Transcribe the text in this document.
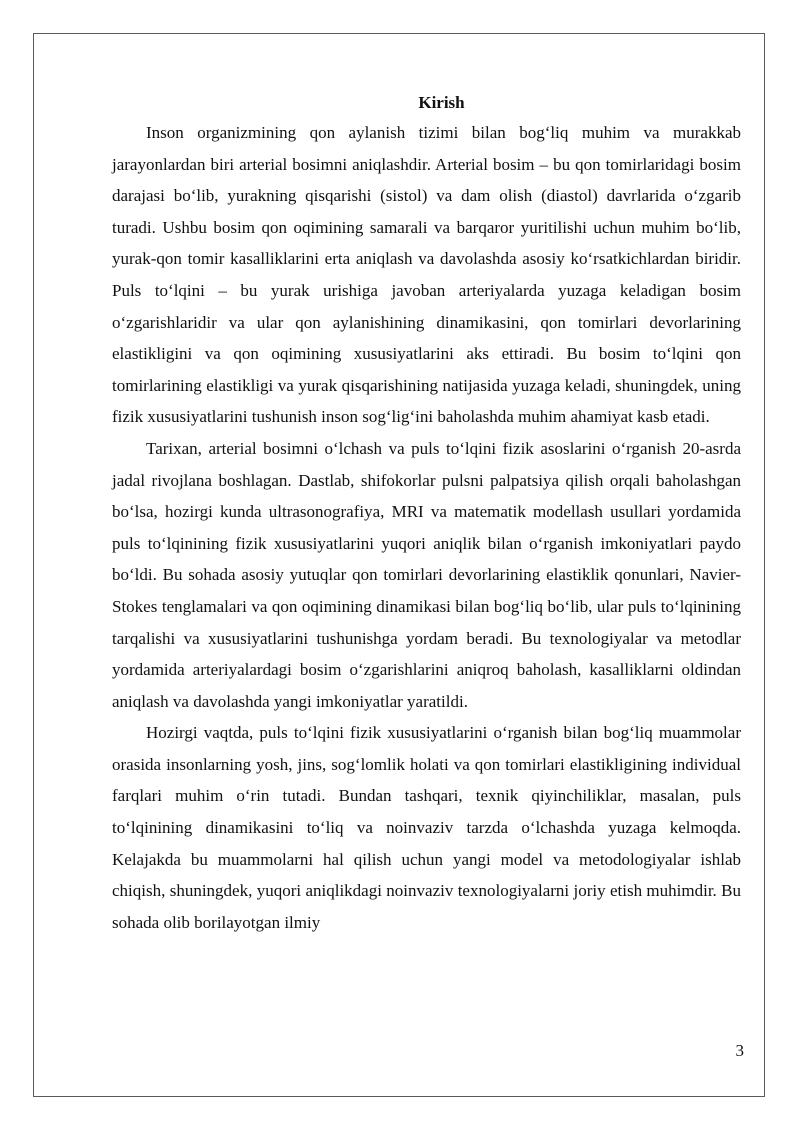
Kirish

Inson organizmining qon aylanish tizimi bilan bog‘liq muhim va murakkab jarayonlardan biri arterial bosimni aniqlashdir. Arterial bosim – bu qon tomirlaridagi bosim darajasi bo‘lib, yurakning qisqarishi (sistol) va dam olish (diastol) davrlarida o‘zgarib turadi. Ushbu bosim qon oqimining samarali va barqaror yuritilishi uchun muhim bo‘lib, yurak-qon tomir kasalliklarini erta aniqlash va davolashda asosiy ko‘rsatkichlardan biridir. Puls to‘lqini – bu yurak urishiga javoban arteriyalarda yuzaga keladigan bosim o‘zgarishlaridir va ular qon aylanishining dinamikasini, qon tomirlari devorlarining elastikligini va qon oqimining xususiyatlarini aks ettiradi. Bu bosim to‘lqini qon tomirlarining elastikligi va yurak qisqarishining natijasida yuzaga keladi, shuningdek, uning fizik xususiyatlarini tushunish inson sog‘lig‘ini baholashda muhim ahamiyat kasb etadi.

Tarixan, arterial bosimni o‘lchash va puls to‘lqini fizik asoslarini o‘rganish 20-asrda jadal rivojlana boshlagan. Dastlab, shifokorlar pulsni palpatsiya qilish orqali baholashgan bo‘lsa, hozirgi kunda ultrasonografiya, MRI va matematik modellash usullari yordamida puls to‘lqinining fizik xususiyatlarini yuqori aniqlik bilan o‘rganish imkoniyatlari paydo bo‘ldi. Bu sohada asosiy yutuqlar qon tomirlari devorlarining elastiklik qonunlari, Navier-Stokes tenglamalari va qon oqimining dinamikasi bilan bog‘liq bo‘lib, ular puls to‘lqinining tarqalishi va xususiyatlarini tushunishga yordam beradi. Bu texnologiyalar va metodlar yordamida arteriyalardagi bosim o‘zgarishlarini aniqroq baholash, kasalliklarni oldindan aniqlash va davolashda yangi imkoniyatlar yaratildi.

Hozirgi vaqtda, puls to‘lqini fizik xususiyatlarini o‘rganish bilan bog‘liq muammolar orasida insonlarning yosh, jins, sog‘lomlik holati va qon tomirlari elastikligining individual farqlari muhim o‘rin tutadi. Bundan tashqari, texnik qiyinchiliklar, masalan, puls to‘lqinining dinamikasini to‘liq va noinvaziv tarzda o‘lchashda yuzaga kelmoqda. Kelajakda bu muammolarni hal qilish uchun yangi model va metodologiyalar ishlab chiqish, shuningdek, yuqori aniqlikdagi noinvaziv texnologiyalarni joriy etish muhimdir. Bu sohada olib borilayotgan ilmiy

3
